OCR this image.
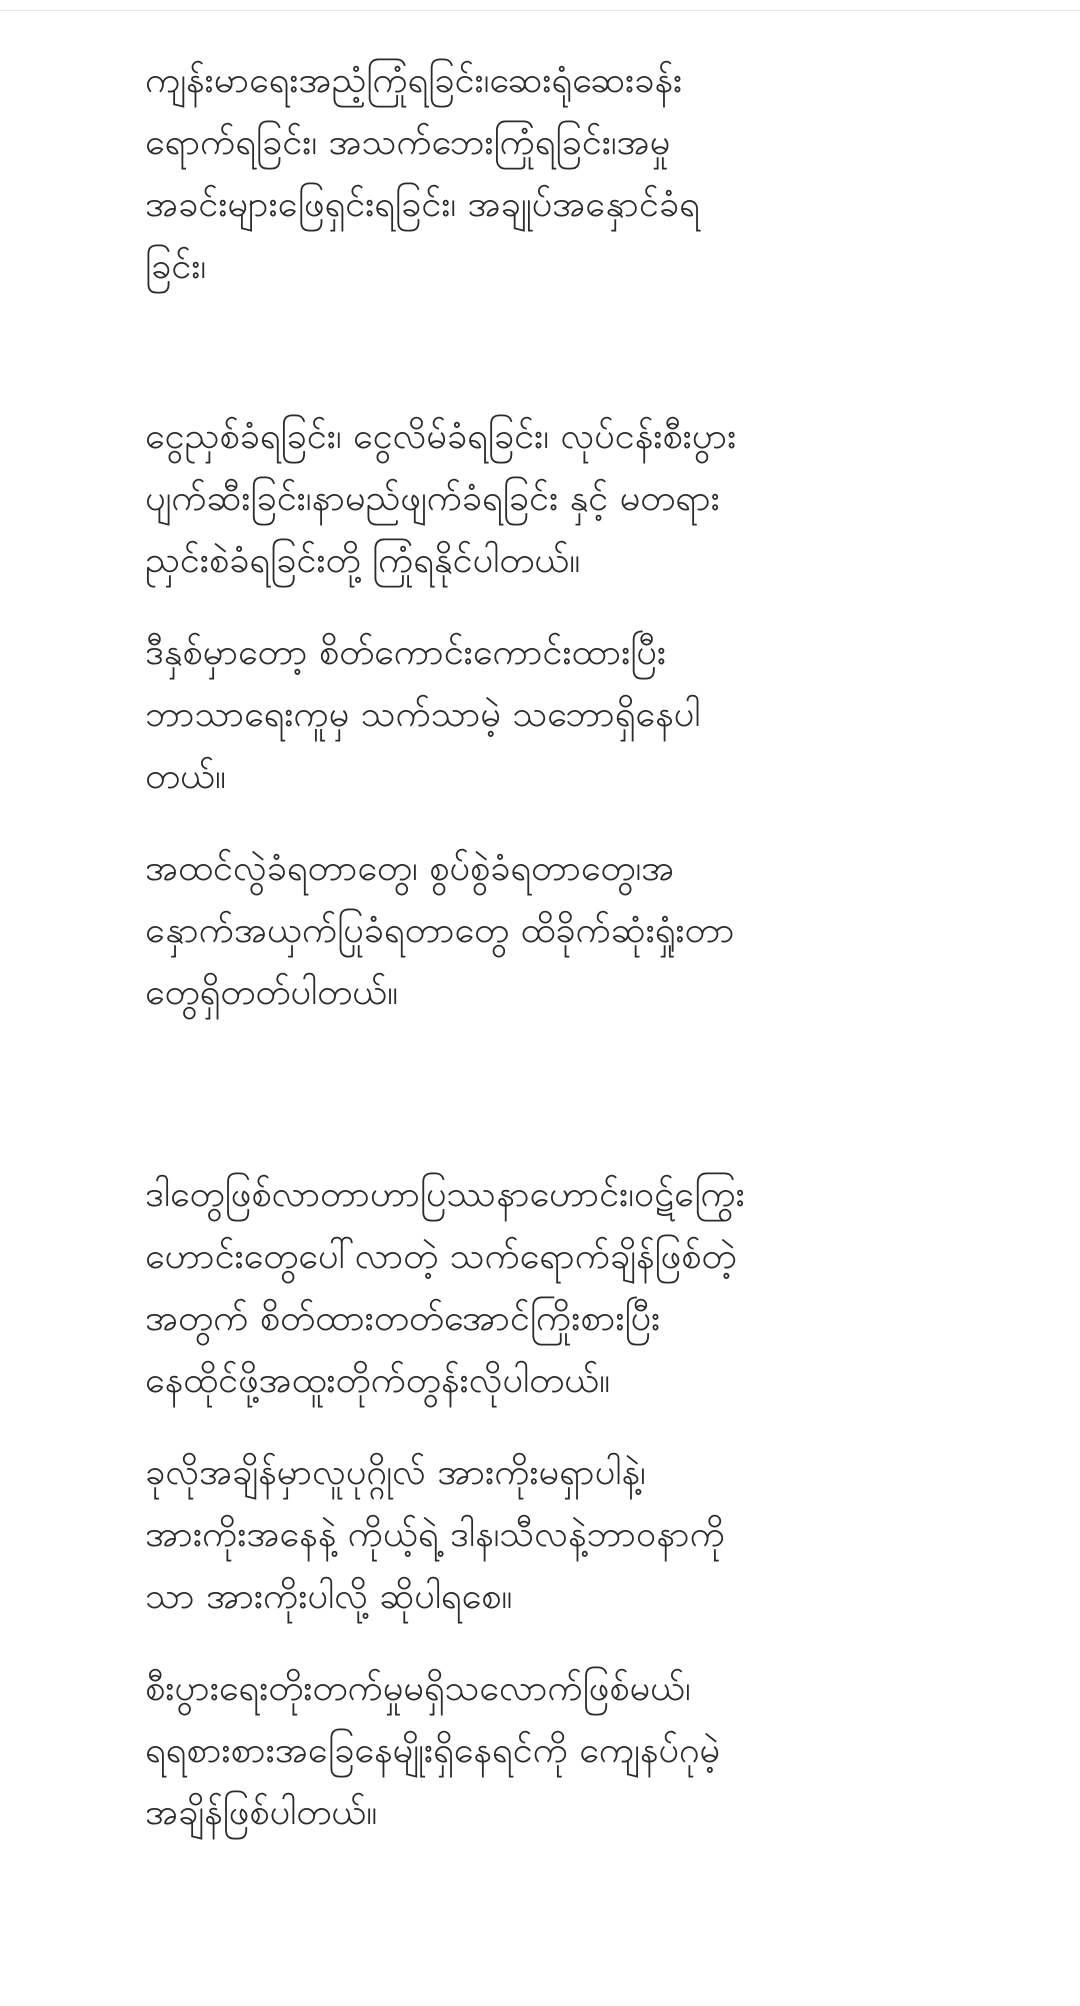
ကျန်းမာရေးအညံ့ကြုံရခြင်း၊ဆေးရုံဆေးခန်း
ရောက်ရခြင်း၊ အသက်ဘေးကြုံရခြင်း၊အမှု
အခင်းများဖြေရှင်းရခြင်း၊ အချုပ်အနှောင်ခံရ
ခြင်း၊

ငွေညှစ်ခံရခြင်း၊ ငွေလိမ်ခံရခြင်း၊ လုပ်ငန်းစီးပွား
ပျက်ဆီးခြင်း၊နာမည်ဖျက်ခံရခြင်း နှင့် မတရား
ညှင်းစဲခံရခြင်းတို့ ကြုံရနိုင်ပါတယ်။

ဒီနှစ်မှာတော့ စိတ်ကောင်းကောင်းထားပြီး
ဘာသာရေးကူမှ သက်သာမဲ့ သဘောရှိနေပါ
တယ်။

အထင်လွဲခံရတာတွေ၊ စွပ်စွဲခံရတာတွေ၊အ
နှောက်အယှက်ပြုခံရတာတွေ ထိခိုက်ဆုံးရှုံးတာ
တွေရှိတတ်ပါတယ်။

ဒါတွေဖြစ်လာတာဟာပြဿနာဟောင်း၊ဝဋ်ကြွေး
ဟောင်းတွေပေါ်လာတဲ့ သက်ရောက်ချိန်ဖြစ်တဲ့
အတွက် စိတ်ထားတတ်အောင်ကြိုးစားပြီး
နေထိုင်ဖို့အထူးတိုက်တွန်းလိုပါတယ်။

ခုလိုအချိန်မှာလူပုဂ္ဂိုလ် အားကိုးမရှာပါနဲ့၊
အားကိုးအနေနဲ့ ကိုယ့်ရဲ့ ဒါန၊သီလနဲ့ဘာဝနာကို
သာ အားကိုးပါလို့ ဆိုပါရစေ။

စီးပွားရေးတိုးတက်မှုမရှိသလောက်ဖြစ်မယ်၊
ရရစားစားအခြေနေမျိုးရှိနေရင်ကို ကျေနပ်ဂုမဲ့
အချိန်ဖြစ်ပါတယ်။
